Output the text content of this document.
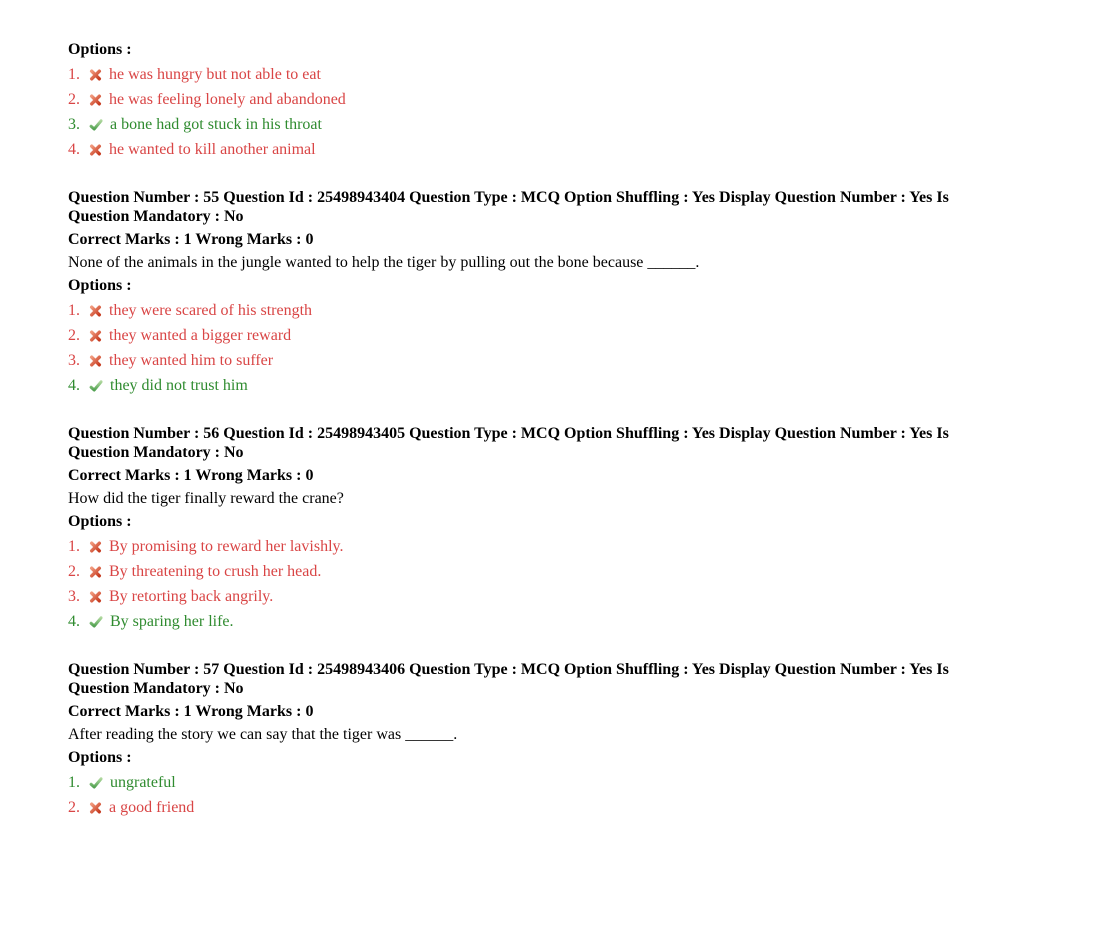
Options :

1. he was hungry but not able to eat
2. he was feeling lonely and abandoned
3. a bone had got stuck in his throat
4. he wanted to kill another animal

Question Number : 55 Question Id : 25498943404 Question Type : MCQ Option Shuffling : Yes Display Question Number : Yes Is Question Mandatory : No

Correct Marks : 1 Wrong Marks : 0

None of the animals in the jungle wanted to help the tiger by pulling out the bone because ______.

Options :

1. they were scared of his strength
2. they wanted a bigger reward
3. they wanted him to suffer
4. they did not trust him

Question Number : 56 Question Id : 25498943405 Question Type : MCQ Option Shuffling : Yes Display Question Number : Yes Is Question Mandatory : No

Correct Marks : 1 Wrong Marks : 0

How did the tiger finally reward the crane?

Options :

1. By promising to reward her lavishly.
2. By threatening to crush her head.
3. By retorting back angrily.
4. By sparing her life.

Question Number : 57 Question Id : 25498943406 Question Type : MCQ Option Shuffling : Yes Display Question Number : Yes Is Question Mandatory : No

Correct Marks : 1 Wrong Marks : 0

After reading the story we can say that the tiger was ______.

Options :

1. ungrateful
2. a good friend
